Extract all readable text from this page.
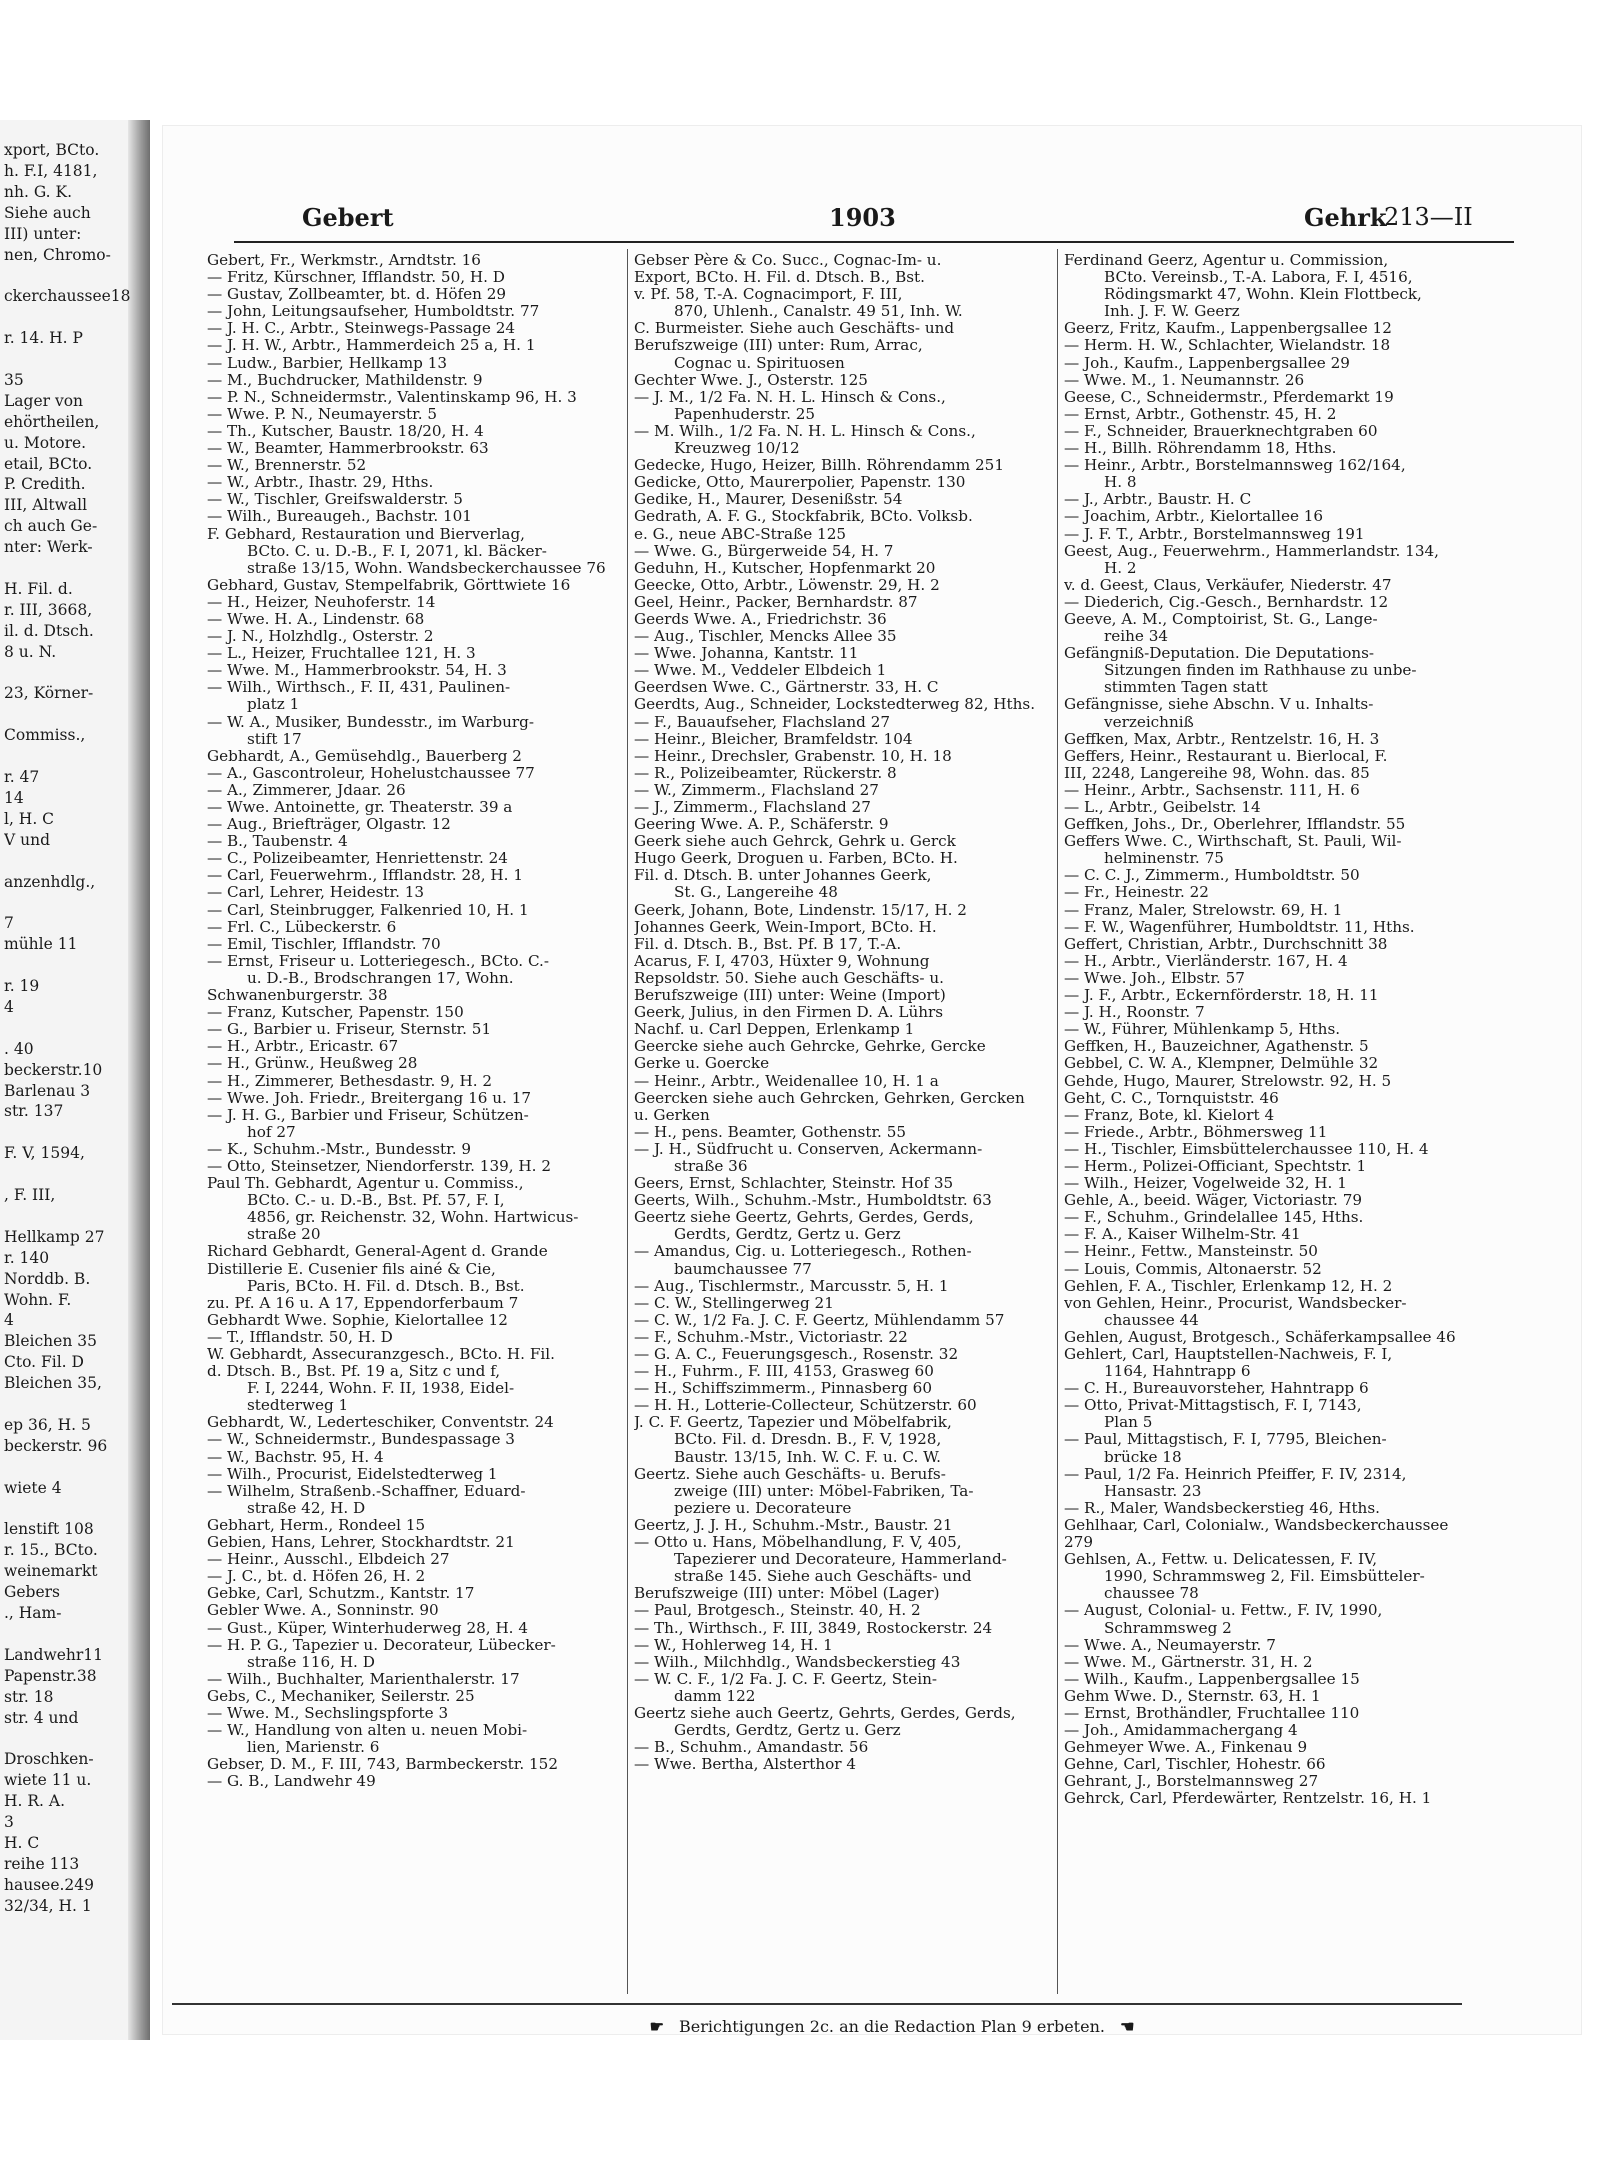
xport, BCto.
h. F.I, 4181,
nh. G. K.
Siehe auch
III) unter:
nen, Chromo-
ckerchaussee18
r. 14. H. P
35
Lager von
ehörtheilen,
u. Motore.
etail, BCto.
P. Credith.
III, Altwall
ch auch Ge-
nter: Werk-
H. Fil. d.
r. III, 3668,
il. d. Dtsch.
8 u. N.
23, Körner-
Commiss.,
r. 47
14
l, H. C
V und
anzenhdlg.,
7
mühle 11
r. 19
4
. 40
beckerstr.10
Barlenau 3
str. 137
F. V, 1594,
, F. III,
Hellkamp 27
r. 140
Norddb. B.
Wohn. F.
4
Bleichen 35
Cto. Fil. D
Bleichen 35,
ep 36, H. 5
beckerstr. 96
wiete 4
lenstift 108
r. 15., BCto.
weinemarkt
Gebers
., Ham-
Landwehr11
Papenstr.38
str. 18
str. 4 und
Droschken-
wiete 11 u.
H. R. A.
3
H. C
reihe 113
hausee.249
32/34, H. 1
Gebert	1903	Gehrk
213—II

Gebert, Fr., Werkmstr., Arndtstr. 16

— Fritz, Kürschner, Ifflandstr. 50, H. D

— Gustav, Zollbeamter, bt. d. Höfen 29

— John, Leitungsaufseher, Humboldtstr. 77

— J. H. C., Arbtr., Steinwegs-Passage 24

— J. H. W., Arbtr., Hammerdeich 25 a, H. 1

— Ludw., Barbier, Hellkamp 13

— M., Buchdrucker, Mathildenstr. 9

— P. N., Schneidermstr., Valentinskamp 96, H. 3

— Wwe. P. N., Neumayerstr. 5

— Th., Kutscher, Baustr. 18/20, H. 4

— W., Beamter, Hammerbrookstr. 63

— W., Brennerstr. 52

— W., Arbtr., Ihastr. 29, Hths.

— W., Tischler, Greifswalderstr. 5

— Wilh., Bureaugeh., Bachstr. 101

F. Gebhard, Restauration und Bierverlag,

BCto. C. u. D.-B., F. I, 2071, kl. Bäcker-

straße 13/15, Wohn. Wandsbeckerchaussee 76

Gebhard, Gustav, Stempelfabrik, Görttwiete 16

— H., Heizer, Neuhoferstr. 14

— Wwe. H. A., Lindenstr. 68

— J. N., Holzhdlg., Osterstr. 2

— L., Heizer, Fruchtallee 121, H. 3

— Wwe. M., Hammerbrookstr. 54, H. 3

— Wilh., Wirthsch., F. II, 431, Paulinen-

platz 1

— W. A., Musiker, Bundesstr., im Warburg-

stift 17

Gebhardt, A., Gemüsehdlg., Bauerberg 2

— A., Gascontroleur, Hohelustchaussee 77

— A., Zimmerer, Jdaar. 26

— Wwe. Antoinette, gr. Theaterstr. 39 a

— Aug., Briefträger, Olgastr. 12

— B., Taubenstr. 4

— C., Polizeibeamter, Henriettenstr. 24

— Carl, Feuerwehrm., Ifflandstr. 28, H. 1

— Carl, Lehrer, Heidestr. 13

— Carl, Steinbrugger, Falkenried 10, H. 1

— Frl. C., Lübeckerstr. 6

— Emil, Tischler, Ifflandstr. 70

— Ernst, Friseur u. Lotteriegesch., BCto. C.-

u. D.-B., Brodschrangen 17, Wohn.

Schwanenburgerstr. 38

— Franz, Kutscher, Papenstr. 150

— G., Barbier u. Friseur, Sternstr. 51

— H., Arbtr., Ericastr. 67

— H., Grünw., Heußweg 28

— H., Zimmerer, Bethesdastr. 9, H. 2

— Wwe. Joh. Friedr., Breitergang 16 u. 17

— J. H. G., Barbier und Friseur, Schützen-

hof 27

— K., Schuhm.-Mstr., Bundesstr. 9

— Otto, Steinsetzer, Niendorferstr. 139, H. 2

Paul Th. Gebhardt, Agentur u. Commiss.,

BCto. C.- u. D.-B., Bst. Pf. 57, F. I,

4856, gr. Reichenstr. 32, Wohn. Hartwicus-

straße 20

Richard Gebhardt, General-Agent d. Grande

Distillerie E. Cusenier fils ainé & Cie,

Paris, BCto. H. Fil. d. Dtsch. B., Bst.

zu. Pf. A 16 u. A 17, Eppendorferbaum 7

Gebhardt Wwe. Sophie, Kielortallee 12

— T., Ifflandstr. 50, H. D

W. Gebhardt, Assecuranzgesch., BCto. H. Fil.

d. Dtsch. B., Bst. Pf. 19 a, Sitz c und f,

F. I, 2244, Wohn. F. II, 1938, Eidel-

stedterweg 1

Gebhardt, W., Lederteschiker, Conventstr. 24

— W., Schneidermstr., Bundespassage 3

— W., Bachstr. 95, H. 4

— Wilh., Procurist, Eidelstedterweg 1

— Wilhelm, Straßenb.-Schaffner, Eduard-

straße 42, H. D

Gebhart, Herm., Rondeel 15

Gebien, Hans, Lehrer, Stockhardtstr. 21

— Heinr., Ausschl., Elbdeich 27

— J. C., bt. d. Höfen 26, H. 2

Gebke, Carl, Schutzm., Kantstr. 17

Gebler Wwe. A., Sonninstr. 90

— Gust., Küper, Winterhuderweg 28, H. 4

— H. P. G., Tapezier u. Decorateur, Lübecker-

straße 116, H. D

— Wilh., Buchhalter, Marienthalerstr. 17

Gebs, C., Mechaniker, Seilerstr. 25

— Wwe. M., Sechslingspforte 3

— W., Handlung von alten u. neuen Mobi-

lien, Marienstr. 6

Gebser, D. M., F. III, 743, Barmbeckerstr. 152

— G. B., Landwehr 49

Gebser Père & Co. Succ., Cognac-Im- u.

Export, BCto. H. Fil. d. Dtsch. B., Bst.

v. Pf. 58, T.-A. Cognacimport, F. III,

870, Uhlenh., Canalstr. 49 51, Inh. W.

C. Burmeister. Siehe auch Geschäfts- und

Berufszweige (III) unter: Rum, Arrac,

Cognac u. Spirituosen

Gechter Wwe. J., Osterstr. 125

— J. M., 1/2 Fa. N. H. L. Hinsch & Cons.,

Papenhuderstr. 25

— M. Wilh., 1/2 Fa. N. H. L. Hinsch & Cons.,

Kreuzweg 10/12

Gedecke, Hugo, Heizer, Billh. Röhrendamm 251

Gedicke, Otto, Maurerpolier, Papenstr. 130

Gedike, H., Maurer, Desenißstr. 54

Gedrath, A. F. G., Stockfabrik, BCto. Volksb.

e. G., neue ABC-Straße 125

— Wwe. G., Bürgerweide 54, H. 7

Geduhn, H., Kutscher, Hopfenmarkt 20

Geecke, Otto, Arbtr., Löwenstr. 29, H. 2

Geel, Heinr., Packer, Bernhardstr. 87

Geerds Wwe. A., Friedrichstr. 36

— Aug., Tischler, Mencks Allee 35

— Wwe. Johanna, Kantstr. 11

— Wwe. M., Veddeler Elbdeich 1

Geerdsen Wwe. C., Gärtnerstr. 33, H. C

Geerdts, Aug., Schneider, Lockstedterweg 82, Hths.

— F., Bauaufseher, Flachsland 27

— Heinr., Bleicher, Bramfeldstr. 104

— Heinr., Drechsler, Grabenstr. 10, H. 18

— R., Polizeibeamter, Rückerstr. 8

— W., Zimmerm., Flachsland 27

— J., Zimmerm., Flachsland 27

Geering Wwe. A. P., Schäferstr. 9

Geerk siehe auch Gehrck, Gehrk u. Gerck

Hugo Geerk, Droguen u. Farben, BCto. H.

Fil. d. Dtsch. B. unter Johannes Geerk,

St. G., Langereihe 48

Geerk, Johann, Bote, Lindenstr. 15/17, H. 2

Johannes Geerk, Wein-Import, BCto. H.

Fil. d. Dtsch. B., Bst. Pf. B 17, T.-A.

Acarus, F. I, 4703, Hüxter 9, Wohnung

Repsoldstr. 50. Siehe auch Geschäfts- u.

Berufszweige (III) unter: Weine (Import)

Geerk, Julius, in den Firmen D. A. Lührs

Nachf. u. Carl Deppen, Erlenkamp 1

Geercke siehe auch Gehrcke, Gehrke, Gercke

Gerke u. Goercke

— Heinr., Arbtr., Weidenallee 10, H. 1 a

Geercken siehe auch Gehrcken, Gehrken, Gercken

u. Gerken

— H., pens. Beamter, Gothenstr. 55

— J. H., Südfrucht u. Conserven, Ackermann-

straße 36

Geers, Ernst, Schlachter, Steinstr. Hof 35

Geerts, Wilh., Schuhm.-Mstr., Humboldtstr. 63

Geertz siehe Geertz, Gehrts, Gerdes, Gerds,

Gerdts, Gerdtz, Gertz u. Gerz

— Amandus, Cig. u. Lotteriegesch., Rothen-

baumchaussee 77

— Aug., Tischlermstr., Marcusstr. 5, H. 1

— C. W., Stellingerweg 21

— C. W., 1/2 Fa. J. C. F. Geertz, Mühlendamm 57

— F., Schuhm.-Mstr., Victoriastr. 22

— G. A. C., Feuerungsgesch., Rosenstr. 32

— H., Fuhrm., F. III, 4153, Grasweg 60

— H., Schiffszimmerm., Pinnasberg 60

— H. H., Lotterie-Collecteur, Schützerstr. 60

J. C. F. Geertz, Tapezier und Möbelfabrik,

BCto. Fil. d. Dresdn. B., F. V, 1928,

Baustr. 13/15, Inh. W. C. F. u. C. W.

Geertz. Siehe auch Geschäfts- u. Berufs-

zweige (III) unter: Möbel-Fabriken, Ta-

peziere u. Decorateure

Geertz, J. J. H., Schuhm.-Mstr., Baustr. 21

— Otto u. Hans, Möbelhandlung, F. V, 405,

Tapezierer und Decorateure, Hammerland-

straße 145. Siehe auch Geschäfts- und

Berufszweige (III) unter: Möbel (Lager)

— Paul, Brotgesch., Steinstr. 40, H. 2

— Th., Wirthsch., F. III, 3849, Rostockerstr. 24

— W., Hohlerweg 14, H. 1

— Wilh., Milchhdlg., Wandsbeckerstieg 43

— W. C. F., 1/2 Fa. J. C. F. Geertz, Stein-

damm 122

Geertz siehe auch Geertz, Gehrts, Gerdes, Gerds,

Gerdts, Gerdtz, Gertz u. Gerz

— B., Schuhm., Amandastr. 56

— Wwe. Bertha, Alsterthor 4

Ferdinand Geerz, Agentur u. Commission,

BCto. Vereinsb., T.-A. Labora, F. I, 4516,

Rödingsmarkt 47, Wohn. Klein Flottbeck,

Inh. J. F. W. Geerz

Geerz, Fritz, Kaufm., Lappenbergsallee 12

— Herm. H. W., Schlachter, Wielandstr. 18

— Joh., Kaufm., Lappenbergsallee 29

— Wwe. M., 1. Neumannstr. 26

Geese, C., Schneidermstr., Pferdemarkt 19

— Ernst, Arbtr., Gothenstr. 45, H. 2

— F., Schneider, Brauerknechtgraben 60

— H., Billh. Röhrendamm 18, Hths.

— Heinr., Arbtr., Borstelmannsweg 162/164,

H. 8

— J., Arbtr., Baustr. H. C

— Joachim, Arbtr., Kielortallee 16

— J. F. T., Arbtr., Borstelmannsweg 191

Geest, Aug., Feuerwehrm., Hammerlandstr. 134,

H. 2

v. d. Geest, Claus, Verkäufer, Niederstr. 47

— Diederich, Cig.-Gesch., Bernhardstr. 12

Geeve, A. M., Comptoirist, St. G., Lange-

reihe 34

Gefängniß-Deputation. Die Deputations-

Sitzungen finden im Rathhause zu unbe-

stimmten Tagen statt

Gefängnisse, siehe Abschn. V u. Inhalts-

verzeichniß

Geffken, Max, Arbtr., Rentzelstr. 16, H. 3

Geffers, Heinr., Restaurant u. Bierlocal, F.

III, 2248, Langereihe 98, Wohn. das. 85

— Heinr., Arbtr., Sachsenstr. 111, H. 6

— L., Arbtr., Geibelstr. 14

Geffken, Johs., Dr., Oberlehrer, Ifflandstr. 55

Geffers Wwe. C., Wirthschaft, St. Pauli, Wil-

helminenstr. 75

— C. C. J., Zimmerm., Humboldtstr. 50

— Fr., Heinestr. 22

— Franz, Maler, Strelowstr. 69, H. 1

— F. W., Wagenführer, Humboldtstr. 11, Hths.

Geffert, Christian, Arbtr., Durchschnitt 38

— H., Arbtr., Vierländerstr. 167, H. 4

— Wwe. Joh., Elbstr. 57

— J. F., Arbtr., Eckernförderstr. 18, H. 11

— J. H., Roonstr. 7

— W., Führer, Mühlenkamp 5, Hths.

Geffken, H., Bauzeichner, Agathenstr. 5

Gebbel, C. W. A., Klempner, Delmühle 32

Gehde, Hugo, Maurer, Strelowstr. 92, H. 5

Geht, C. C., Tornquiststr. 46

— Franz, Bote, kl. Kielort 4

— Friede., Arbtr., Böhmersweg 11

— H., Tischler, Eimsbüttelerchaussee 110, H. 4

— Herm., Polizei-Officiant, Spechtstr. 1

— Wilh., Heizer, Vogelweide 32, H. 1

Gehle, A., beeid. Wäger, Victoriastr. 79

— F., Schuhm., Grindelallee 145, Hths.

— F. A., Kaiser Wilhelm-Str. 41

— Heinr., Fettw., Mansteinstr. 50

— Louis, Commis, Altonaerstr. 52

Gehlen, F. A., Tischler, Erlenkamp 12, H. 2

von Gehlen, Heinr., Procurist, Wandsbecker-

chaussee 44

Gehlen, August, Brotgesch., Schäferkampsallee 46

Gehlert, Carl, Hauptstellen-Nachweis, F. I,

1164, Hahntrapp 6

— C. H., Bureauvorsteher, Hahntrapp 6

— Otto, Privat-Mittagstisch, F. I, 7143,

Plan 5

— Paul, Mittagstisch, F. I, 7795, Bleichen-

brücke 18

— Paul, 1/2 Fa. Heinrich Pfeiffer, F. IV, 2314,

Hansastr. 23

— R., Maler, Wandsbeckerstieg 46, Hths.

Gehlhaar, Carl, Colonialw., Wandsbeckerchaussee

279

Gehlsen, A., Fettw. u. Delicatessen, F. IV,

1990, Schrammsweg 2, Fil. Eimsbütteler-

chaussee 78

— August, Colonial- u. Fettw., F. IV, 1990,

Schrammsweg 2

— Wwe. A., Neumayerstr. 7

— Wwe. M., Gärtnerstr. 31, H. 2

— Wilh., Kaufm., Lappenbergsallee 15

Gehm Wwe. D., Sternstr. 63, H. 1

— Ernst, Brothändler, Fruchtallee 110

— Joh., Amidammachergang 4

Gehmeyer Wwe. A., Finkenau 9

Gehne, Carl, Tischler, Hohestr. 66

Gehrant, J., Borstelmannsweg 27

Gehrck, Carl, Pferdewärter, Rentzelstr. 16, H. 1

☛ Berichtigungen 2c. an die Redaction Plan 9 erbeten. ☚
